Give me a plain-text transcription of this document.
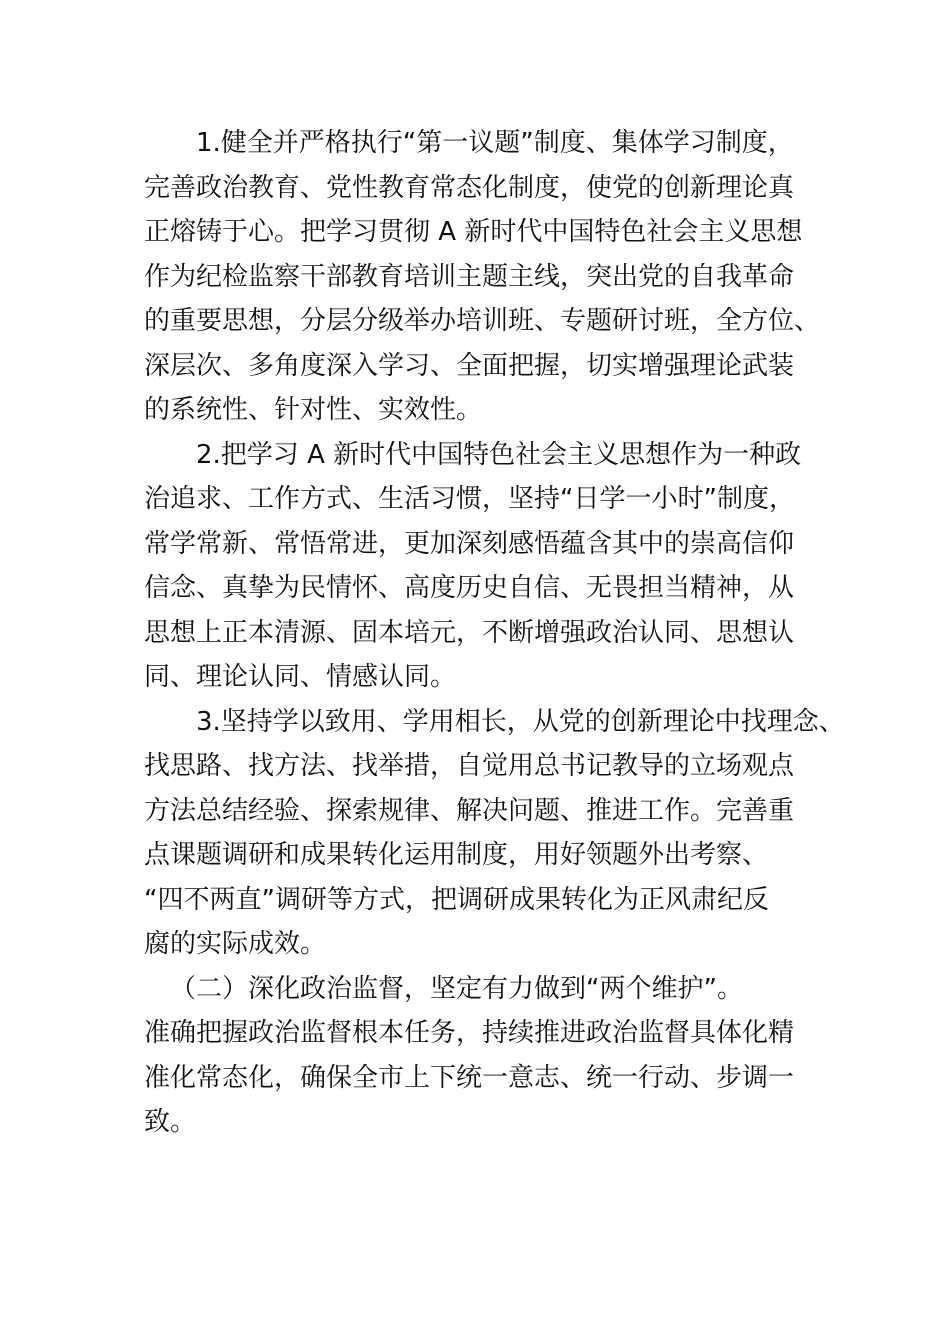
1.健全并严格执行“第一议题”制度、集体学习制度，
完善政治教育、党性教育常态化制度，使党的创新理论真
正熔铸于心。把学习贯彻 A 新时代中国特色社会主义思想
作为纪检监察干部教育培训主题主线，突出党的自我革命
的重要思想，分层分级举办培训班、专题研讨班，全方位、
深层次、多角度深入学习、全面把握，切实增强理论武装
的系统性、针对性、实效性。
2.把学习 A 新时代中国特色社会主义思想作为一种政
治追求、工作方式、生活习惯，坚持“日学一小时”制度，
常学常新、常悟常进，更加深刻感悟蕴含其中的崇高信仰
信念、真挚为民情怀、高度历史自信、无畏担当精神，从
思想上正本清源、固本培元，不断增强政治认同、思想认
同、理论认同、情感认同。
3.坚持学以致用、学用相长，从党的创新理论中找理念、
找思路、找方法、找举措，自觉用总书记教导的立场观点
方法总结经验、探索规律、解决问题、推进工作。完善重
点课题调研和成果转化运用制度，用好领题外出考察、
“四不两直”调研等方式，把调研成果转化为正风肃纪反
腐的实际成效。
（二）深化政治监督，坚定有力做到“两个维护”。
准确把握政治监督根本任务，持续推进政治监督具体化精
准化常态化，确保全市上下统一意志、统一行动、步调一
致。
